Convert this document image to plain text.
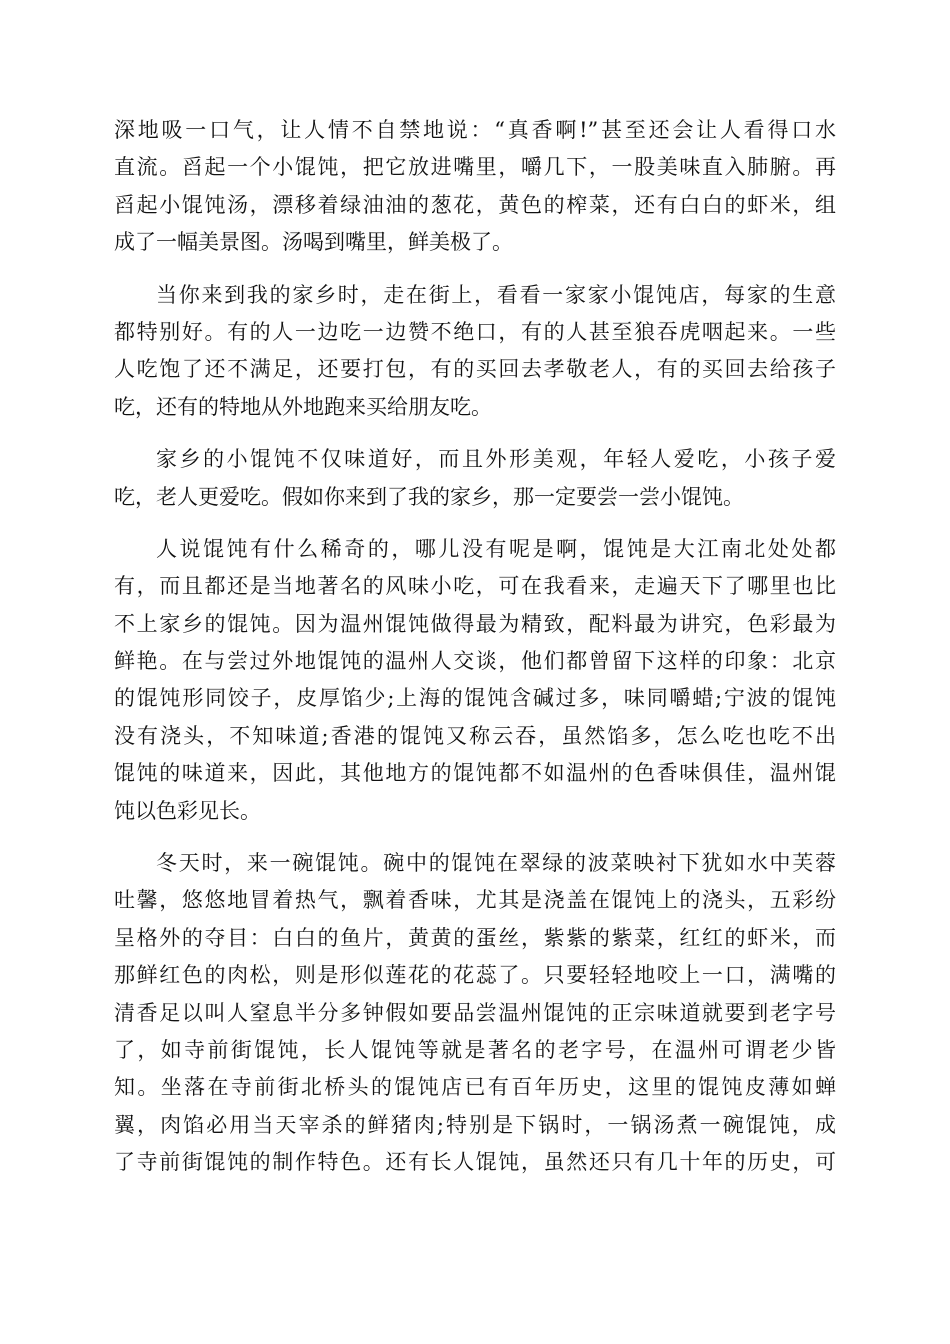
深地吸一口气，让人情不自禁地说：“真香啊!”甚至还会让人看得口水
直流。舀起一个小馄饨，把它放进嘴里，嚼几下，一股美味直入肺腑。再
舀起小馄饨汤，漂移着绿油油的葱花，黄色的榨菜，还有白白的虾米，组
成了一幅美景图。汤喝到嘴里，鲜美极了。

当你来到我的家乡时，走在街上，看看一家家小馄饨店，每家的生意
都特别好。有的人一边吃一边赞不绝口，有的人甚至狼吞虎咽起来。一些
人吃饱了还不满足，还要打包，有的买回去孝敬老人，有的买回去给孩子
吃，还有的特地从外地跑来买给朋友吃。

家乡的小馄饨不仅味道好，而且外形美观，年轻人爱吃，小孩子爱
吃，老人更爱吃。假如你来到了我的家乡，那一定要尝一尝小馄饨。

人说馄饨有什么稀奇的，哪儿没有呢是啊，馄饨是大江南北处处都
有，而且都还是当地著名的风味小吃，可在我看来，走遍天下了哪里也比
不上家乡的馄饨。因为温州馄饨做得最为精致，配料最为讲究，色彩最为
鲜艳。在与尝过外地馄饨的温州人交谈，他们都曾留下这样的印象：北京
的馄饨形同饺子，皮厚馅少;上海的馄饨含碱过多，味同嚼蜡;宁波的馄饨
没有浇头，不知味道;香港的馄饨又称云吞，虽然馅多，怎么吃也吃不出
馄饨的味道来，因此，其他地方的馄饨都不如温州的色香味俱佳，温州馄
饨以色彩见长。

冬天时，来一碗馄饨。碗中的馄饨在翠绿的波菜映衬下犹如水中芙蓉
吐馨，悠悠地冒着热气，飘着香味，尤其是浇盖在馄饨上的浇头，五彩纷
呈格外的夺目：白白的鱼片，黄黄的蛋丝，紫紫的紫菜，红红的虾米，而
那鲜红色的肉松，则是形似莲花的花蕊了。只要轻轻地咬上一口，满嘴的
清香足以叫人窒息半分多钟假如要品尝温州馄饨的正宗味道就要到老字号
了，如寺前街馄饨，长人馄饨等就是著名的老字号，在温州可谓老少皆
知。坐落在寺前街北桥头的馄饨店已有百年历史，这里的馄饨皮薄如蝉
翼，肉馅必用当天宰杀的鲜猪肉;特别是下锅时，一锅汤煮一碗馄饨，成
了寺前街馄饨的制作特色。还有长人馄饨，虽然还只有几十年的历史，可
